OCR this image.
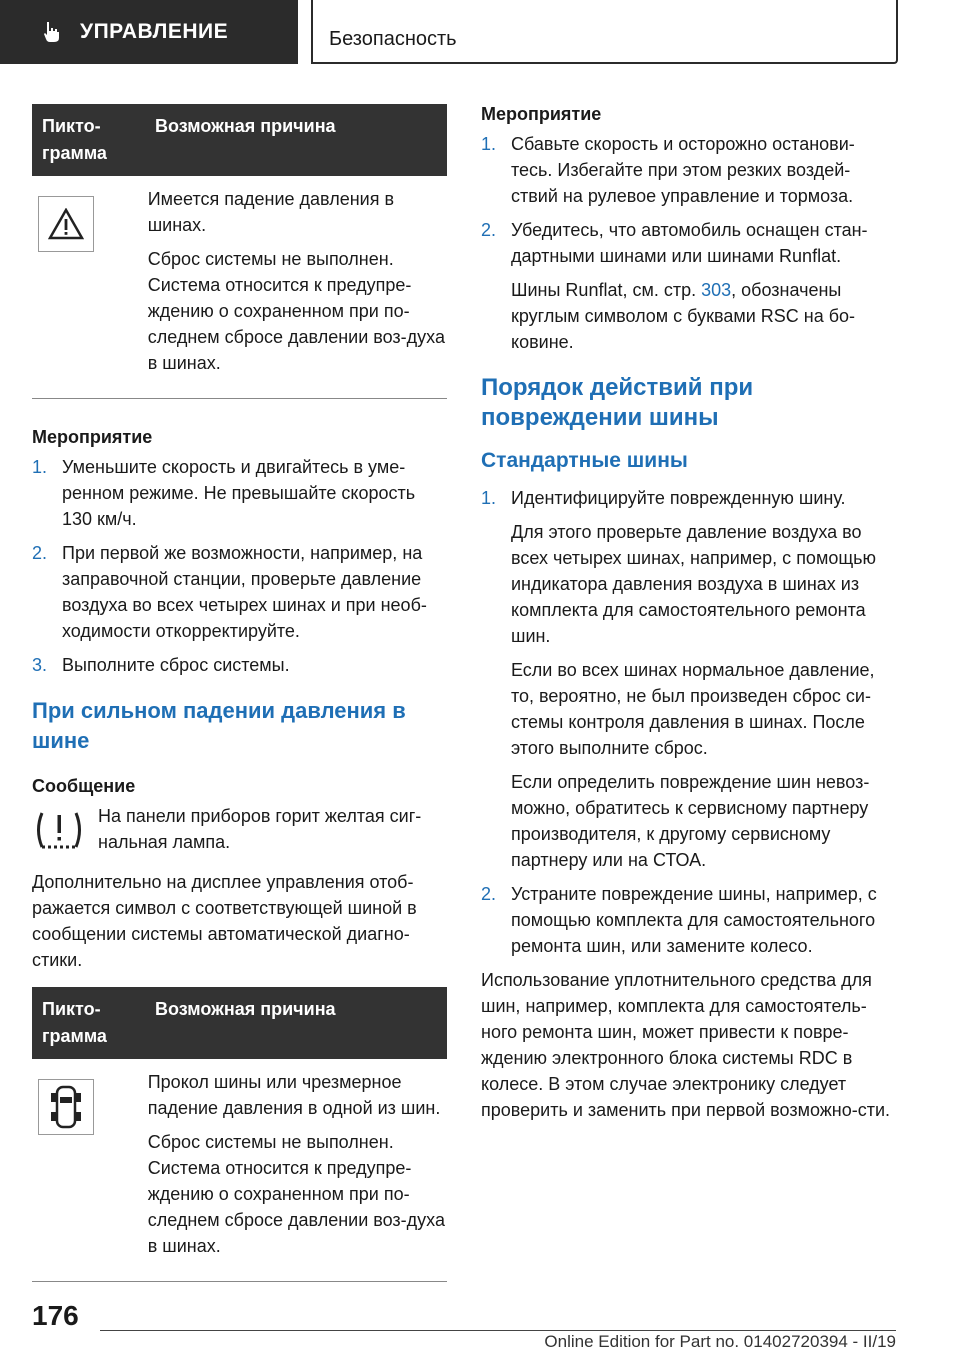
УПРАВЛЕНИЕ	Безопасность
Пикто-
грамма
Возможная причина

Имеется падение давления в шинах.

Сброс системы не выполнен. Система относится к предупре-ждению о сохраненном при по-следнем сбросе давлении воз-духа в шинах.

Мероприятие
1. Уменьшите скорость и двигайтесь в уме-ренном режиме. Не превышайте скорость 130 км/ч.
2. При первой же возможности, например, на заправочной станции, проверьте давление воздуха во всех четырех шинах и при необ-ходимости откорректируйте.
3. Выполните сброс системы.
При сильном падении давления в шине
Сообщение
На панели приборов горит желтая сиг-нальная лампа.

Дополнительно на дисплее управления отоб-ражается символ с соответствующей шиной в сообщении системы автоматической диагно-стики.

Пикто-
грамма
Возможная причина

Прокол шины или чрезмерное падение давления в одной из шин.

Сброс системы не выполнен. Система относится к предупре-ждению о сохраненном при по-следнем сбросе давлении воз-духа в шинах.

Мероприятие
1. Сбавьте скорость и осторожно останови-тесь. Избегайте при этом резких воздей-ствий на рулевое управление и тормоза.
2. Убедитесь, что автомобиль оснащен стан-дартными шинами или шинами Runflat.

Шины Runflat, см. стр. 303, обозначены круглым символом с буквами RSC на бо-ковине.

Порядок действий при повреждении шины
Стандартные шины
1. Идентифицируйте поврежденную шину.

Для этого проверьте давление воздуха во всех четырех шинах, например, с помощью индикатора давления воздуха в шинах из комплекта для самостоятельного ремонта шин.

Если во всех шинах нормальное давление, то, вероятно, не был произведен сброс си-стемы контроля давления в шинах. После этого выполните сброс.

Если определить повреждение шин невоз-можно, обратитесь к сервисному партнеру производителя, к другому сервисному партнеру или на СТОА.

2. Устраните повреждение шины, например, с помощью комплекта для самостоятельного ремонта шин, или замените колесо.

Использование уплотнительного средства для шин, например, комплекта для самостоятель-ного ремонта шин, может привести к повре-ждению электронного блока системы RDC в колесе. В этом случае электронику следует проверить и заменить при первой возможно-сти.

176
Online Edition for Part no. 01402720394 - II/19
